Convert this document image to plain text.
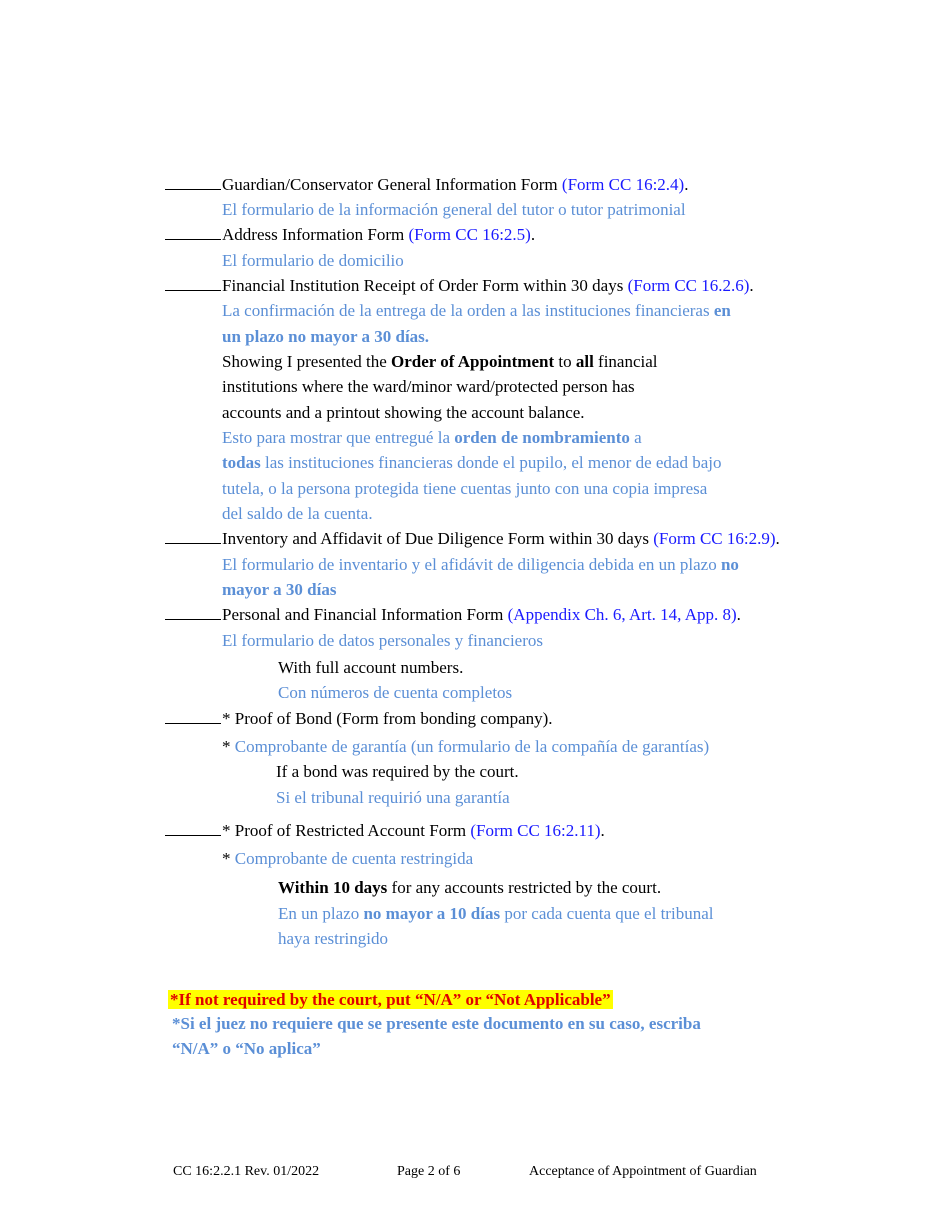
Guardian/Conservator General Information Form (Form CC 16:2.4).
El formulario de la información general del tutor o tutor patrimonial
Address Information Form (Form CC 16:2.5).
El formulario de domicilio
Financial Institution Receipt of Order Form within 30 days (Form CC 16.2.6).
La confirmación de la entrega de la orden a las instituciones financieras en
un plazo no mayor a 30 días.
Showing I presented the Order of Appointment to all financial
institutions where the ward/minor ward/protected person has
accounts and a printout showing the account balance.
Esto para mostrar que entregué la orden de nombramiento a
todas las instituciones financieras donde el pupilo, el menor de edad bajo
tutela, o la persona protegida tiene cuentas junto con una copia impresa
del saldo de la cuenta.
Inventory and Affidavit of Due Diligence Form within 30 days (Form CC 16:2.9).
El formulario de inventario y el afidávit de diligencia debida en un plazo no
mayor a 30 días
Personal and Financial Information Form (Appendix Ch. 6, Art. 14, App. 8).
El formulario de datos personales y financieros
With full account numbers.
Con números de cuenta completos
* Proof of Bond (Form from bonding company).
* Comprobante de garantía (un formulario de la compañía de garantías)
If a bond was required by the court.
Si el tribunal requirió una garantía
* Proof of Restricted Account Form (Form CC 16:2.11).
* Comprobante de cuenta restringida
Within 10 days for any accounts restricted by the court.
En un plazo no mayor a 10 días por cada cuenta que el tribunal
haya restringido
*If not required by the court, put “N/A” or “Not Applicable”
*Si el juez no requiere que se presente este documento en su caso, escriba
“N/A” o “No aplica”
CC 16:2.2.1 Rev. 01/2022	Page 2 of 6	Acceptance of Appointment of Guardian
